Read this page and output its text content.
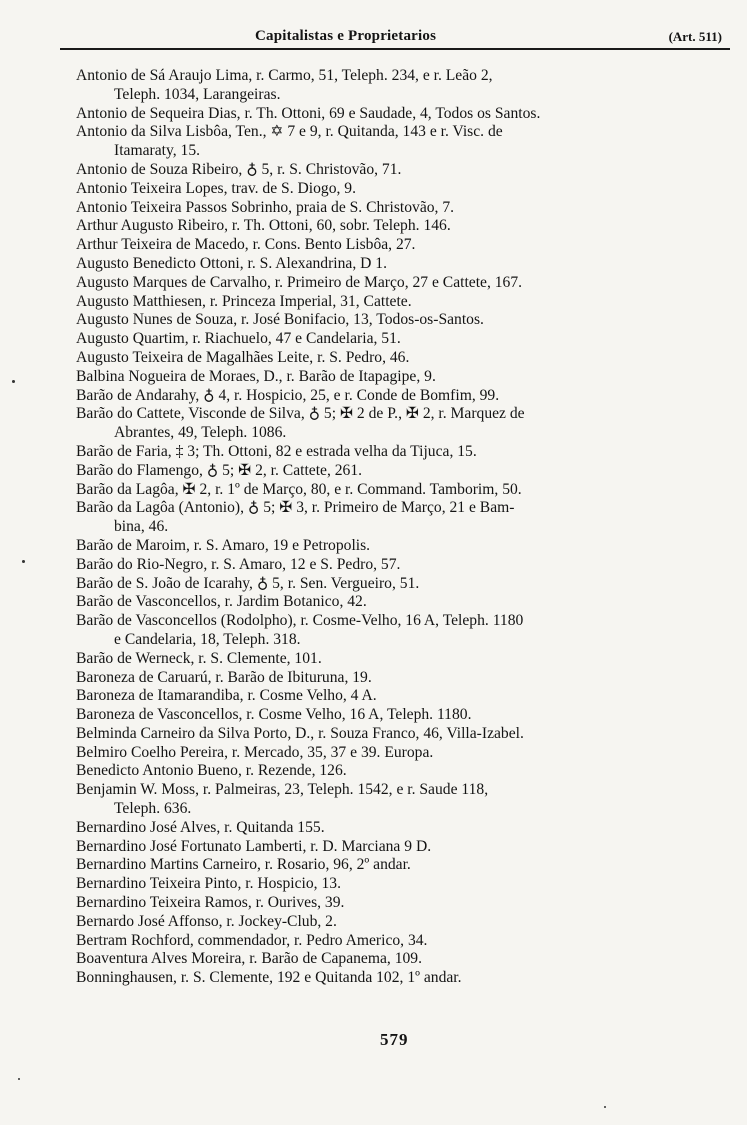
Capitalistas e Proprietarios	(Art. 511)
Antonio de Sá Araujo Lima, r. Carmo, 51, Teleph. 234, e r. Leão 2,
Teleph. 1034, Larangeiras.
Antonio de Sequeira Dias, r. Th. Ottoni, 69 e Saudade, 4, Todos os Santos.
Antonio da Silva Lisbôa, Ten., ✡ 7 e 9, r. Quitanda, 143 e r. Visc. de
Itamaraty, 15.
Antonio de Souza Ribeiro, ♁ 5, r. S. Christovão, 71.
Antonio Teixeira Lopes, trav. de S. Diogo, 9.
Antonio Teixeira Passos Sobrinho, praia de S. Christovão, 7.
Arthur Augusto Ribeiro, r. Th. Ottoni, 60, sobr. Teleph. 146.
Arthur Teixeira de Macedo, r. Cons. Bento Lisbôa, 27.
Augusto Benedicto Ottoni, r. S. Alexandrina, D 1.
Augusto Marques de Carvalho, r. Primeiro de Março, 27 e Cattete, 167.
Augusto Matthiesen, r. Princeza Imperial, 31, Cattete.
Augusto Nunes de Souza, r. José Bonifacio, 13, Todos-os-Santos.
Augusto Quartim, r. Riachuelo, 47 e Candelaria, 51.
Augusto Teixeira de Magalhães Leite, r. S. Pedro, 46.
Balbina Nogueira de Moraes, D., r. Barão de Itapagipe, 9.
Barão de Andarahy, ♁ 4, r. Hospicio, 25, e r. Conde de Bomfim, 99.
Barão do Cattete, Visconde de Silva, ♁ 5; ✠ 2 de P., ✠ 2, r. Marquez de
Abrantes, 49, Teleph. 1086.
Barão de Faria, ‡ 3; Th. Ottoni, 82 e estrada velha da Tijuca, 15.
Barão do Flamengo, ♁ 5; ✠ 2, r. Cattete, 261.
Barão da Lagôa, ✠ 2, r. 1º de Março, 80, e r. Command. Tamborim, 50.
Barão da Lagôa (Antonio), ♁ 5; ✠ 3, r. Primeiro de Março, 21 e Bam-
bina, 46.
Barão de Maroim, r. S. Amaro, 19 e Petropolis.
Barão do Rio-Negro, r. S. Amaro, 12 e S. Pedro, 57.
Barão de S. João de Icarahy, ♁ 5, r. Sen. Vergueiro, 51.
Barão de Vasconcellos, r. Jardim Botanico, 42.
Barão de Vasconcellos (Rodolpho), r. Cosme-Velho, 16 A, Teleph. 1180
e Candelaria, 18, Teleph. 318.
Barão de Werneck, r. S. Clemente, 101.
Baroneza de Caruarú, r. Barão de Ibituruna, 19.
Baroneza de Itamarandiba, r. Cosme Velho, 4 A.
Baroneza de Vasconcellos, r. Cosme Velho, 16 A, Teleph. 1180.
Belminda Carneiro da Silva Porto, D., r. Souza Franco, 46, Villa-Izabel.
Belmiro Coelho Pereira, r. Mercado, 35, 37 e 39. Europa.
Benedicto Antonio Bueno, r. Rezende, 126.
Benjamin W. Moss, r. Palmeiras, 23, Teleph. 1542, e r. Saude 118,
Teleph. 636.
Bernardino José Alves, r. Quitanda 155.
Bernardino José Fortunato Lamberti, r. D. Marciana 9 D.
Bernardino Martins Carneiro, r. Rosario, 96, 2º andar.
Bernardino Teixeira Pinto, r. Hospicio, 13.
Bernardino Teixeira Ramos, r. Ourives, 39.
Bernardo José Affonso, r. Jockey-Club, 2.
Bertram Rochford, commendador, r. Pedro Americo, 34.
Boaventura Alves Moreira, r. Barão de Capanema, 109.
Bonninghausen, r. S. Clemente, 192 e Quitanda 102, 1º andar.
579
